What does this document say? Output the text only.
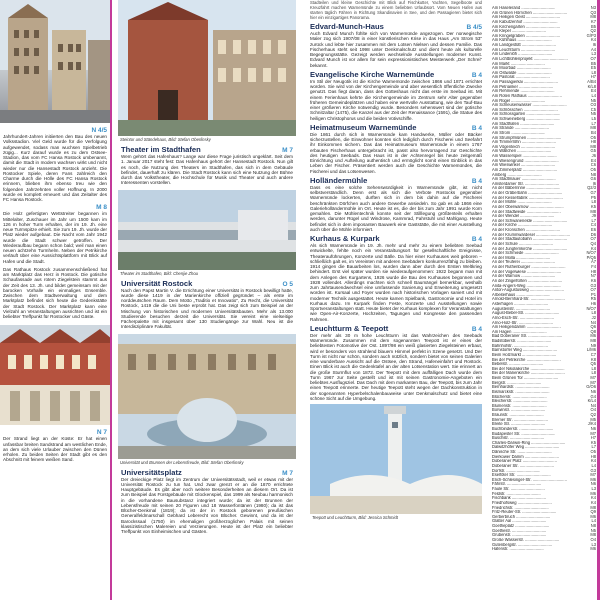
N 4/5

Jahrhundert-Jahren initiierten den Bau des neuen Volksstadion. Viel Geld wurde für die Verfolgung aufgewendet, sodass man wuchsen Spielbetrieb zügig... Kurz darauf wurde es zu dem Ostsee-Stadion, das vom FC Hansa Rostock umbenannt, damit die Stadt in modern wachsen wirkt und nicht wieder nur die Hansestadt Rostock anzieht. Die Rostocker Spiele, deren Fans zahlreich den Charme durch die Hölle des FC Hansa Rostock erinnern, blieben ihm ebenso treu wie den folgenden Jahrzehnten voller Hoffnung. In 2000 wurde es komplett erneuert und das Zeitalter des FC Hansa Rostock.

M 8

Die Holz gefertigten Wettstreiter begannen im Mittelalter, Zuschauer im Jahr um 1500 kam im 126 m hoher Turm erhalten, der im 19. Jh. eine neue Turmspitze erhielt. Sie zum 19. Jh. wurde der Platz wieder aufgebaut. Die Nacht vom Jahr 1942 wurde die Stadt schwer getroffen. Der Wiederaufbau begann schon bald; weil man einen neuen achtzehn Turmhelm. Neben der Petrikirche verläuft über eine Aussichtsplattform mit Blick auf Hafen und die Stadt.

Das Rathaus Rostock zusammenschließend hat am Marktplatz das Herz in Rostock. Die gotische Schaufassade aus rotem Ziegelstein stammt aus der Zeit des 13. Jh. und bildet gemeinsam mit der barocken Vorhalle ein einmaliges Ensemble. Zwischen dem Stadtverwaltung und dem Marktplatz befindet sich heute die Gedenkstätte der Stadt Rostock. Der Marktplatz kann eine Vielzahl an Veranstaltungen ausrichten und ist ein beliebter Treffpunkt für Rostocker und Gäste.

N 7

Der Strand liegt an der Küste: Er hat einen unfassbar breiten Sandstrand am westlichen Ende, an dem sich viele Urlauber zwischen den Dünen erholen. Zu beiden Seiten der Stadt gibt es den Abschnitt mit feinem weißen Sand.

Steintor und Ständehaus, Bild: Stefan Oberlinsky
Theater im Stadthafen	M 7

Wem gehört das Hafenhaus? Lange war diese Frage juristisch ungeklärt. Seit dem 1. Januar 2017 steht fest: Das Hafenhaus gehört der Hansestadt Rostock. Nun gilt es noch, die Nutzung des Theaters im Stadthafen, das sich in dem Gebäude befindet, dauerhaft zu klären. Die Stadt Rostock kann sich eine Nutzung der Bühne durch das Volkstheater, die Hochschule für Musik und Theater und auch andere Interessenten vorstellen.

Theater im Stadthafen, Bild: Chenjie Zhou
Universität Rostock	O 5

Nach den Papst Martin V. die Errichtung einer Universität in Rostock bewilligt hatte, wurde diese 1419 in der Marienkirche offiziell gegründet – als erste im norddeutschen Raum. Dem Motto „Traditio et Innovatio“, Zu Recht, die Universität Rostock, 1419 die die Uni beste erprobt hat. Das zeigt sich zum Beispiel an der Mischung von historischen und modernen Universitätsbauten. Mehr als 13.000 Studierende besuchen derzeit die Universität. Sie vereint eine vielseitige Fächerpalette mit insgesamt über 130 Studiengänge zur Wahl. Neu ist die Interdisziplinäre Fakultät.

Universität und Brunnen der Lebensfreude, Bild: Stefan Oberlinsky
Universitätsplatz	M 7

Der dreieckige Platz liegt im Zentrum der Universitätsstadt, weil er etwas mit der Universität Rostock zu tun hat. Und zwar grenzt er an die 1870 errichtete Hauptgebäude. Es gibt aber noch weitere Besonderheiten an diesem Ort. Da ist zum Beispiel das Fürstgebäude mit Glockenspiel, das 1999 als Neubau harmonisch in die vorhandene Bausubstanz integriert wurde; da ist der Brunnen der Lebensfreude mit seinen 20 Figuren und 18 Wasserfontänen (1980); da ist das Blücher-Denkmal (1819); da ist der in Rostock geborenen preußischen Generalfeldmarschall Gebhard Leberecht von Blücher. Gewinnt, und da ist der Barockssaal (1750) im ehemaligen großherzoglichen Palais mit seinen klassizistischen Malereien und Verzierungen. Heute ist der Platz ein beliebter Treffpunkt von Einheimischen und Gästen.

Stadteilen und kleine Geschichte mit Blick auf Fischkutter, Yachten, Segelboote und Kreuzfahrt machen Warnemünde zu einem beliebten Urlaubsort. Vom Neuen Hafen aus starten täglich Fähren in Richtung Skandinavien in See, und den Passagieren bietet sich hier ein einzigartiges Panorama.
Edvard-Munch-Haus	B 4/5

Auch Edvard Munch fühlte sich von Warnemünde angezogen. Der norwegische Maler zog sich 1907/08 in einer künstlerischen Krise in das Haus „Am Strom 53“ zurück und lebte hier zusammen mit dem Lotsen Nielsen und dessen Familie. Das Fischerhaus steht seit 1998 unter Denkmalschutz und dient heute als kulturelle Begegnungsstätte. Gezeigt werden wechselnde Ausstellungen moderner Kunst. Edvard Munch ist vor allem für sein expressionistisches Meisterwerk „Der Schrei“ bekannt.

Evangelische Kirche Warnemünde	B 4

Im Stil der Neugotik ist die Kirche Warnemünde zwischen 1866 und 1871 errichtet worden. Sie wird von der Kirchengemeinde und aber wesentlich öffentliche Zwecke genutzt. Das fiegt daran, dass des Gotteshaus nicht das erste im Seebad ist. Mit einem Ferienhaus kehrte die Kirchengemeinde im Zentrum sehr Alter gegenüber früheren Gemeindeplätzen und haben eine wertvolle Ausstattung, wie den Tauf-Bau einer größeren Kirche notwendig wurde. Besonders sehenswert sind der gotische Schnitzaltar (1475), die Kanzel aus der Zeit der Renaissance (1591), die Statue des heiligen Christophorus und die beiden Votivschiffe.

Heimatmuseum Warnemünde	B 4

Die 1861 durch sich in Warnemünde kam Handwerke, Müller oder Bäcker sicherzustellen, die Einwohner konnten sich lediglich durch Fischerei und Seefahrt ihr Einkommen sichern. Das das Heimatmuseum Warnemünde in einem 1767 erbauten Fischerhaus untergebracht ist, passt also hervorragend zur Geschichte des heutigen Seebads. Das Haus ist in der Achtenregel bis heute zeitgemäß Einrichtung und Aufteilung authentisch und ermöglicht somit einen Einblick in das Leben der Fischer. Präsentiert werden auch die Geschichte Warnemündes, die Fischerei und das Lotsenwesen.

Holländermühle	B 4

Dass es eine solche Sehenswürdigkeit in Warnemünde gibt, ist nicht selbstverständlich. Denn erst als sich die Verbote Rostocks gegenüber Warnemünde lockerten, durften sich in dem bis dahin auf die Fischerei beschränkten Dörfchen auch andere Gewerbe ansiedeln. So gab es ab 1866 eine Galerieholländermühle im Ort. Heute ist es, die der bis zum Jahr 1991 wurde Korn gemahlen. Die Mühlentechnik konnte seit der Stilllegung größtenteils erhalten werden, darunter Rügel und Windrose, Kammrad, Fahrstuhl und Mahlgang. Heute befindet sich in dem imposanten Bauwerk eine Gaststätte, die mit einer Ausstellung auch über die Mühle informiert.

Kurhaus & Kurpark	B 4

Als sich Warnemünde im 19. Jh. mehr und mehr zu einem beliebten Seebad entwickelte, fehlte noch ein Veranstaltungsort für gesellschaftliche Ereignisse, Theaterauführungen, Konzerte und Bälle. Da hier einer Kurhauses weit geboren – schließlich galt es, im Vereinten mit anderen Seebädern konkurrenzfähig zu bleiben. 1914 gingen die Bauarbeiten los, wurden dann aber durch den Ersten Weltkrieg behindert. Erst viel später wurden sie wiederaufgenommen: 1922 begann man mit dem Anlegen des Kurgartens, 1926 wurde die Bau des Kurhauses begonnen und 1928 vollendet. Allerdings machten sich schnell Baumängel bemerkbar, weshalb zum Jahrtausendwechsel eine umfassende Sanierung und Erweiterung umgesetzt worden ist. Kursaal und Foyer wurden nach historischen Vorlagen saniert und mit moderner Technik ausgestattet. Heute kamen Spielbank, Gastronomie und Hotel im Kurhaus dazu. Im Kurpark finden Feste, Konzerte und Ausstellungen sowie Sportveranstaltungen statt. Heute bietet der Kurhaus komplexen für Veranstaltungen wie Open-Air-Konzerte, Hochzeiten, Tagungen und Kongresse den passenden Rahmen.

Leuchtturm & Teepott	B 4

Der mehr als 30 m hohe Leuchtturm ist das Wahrzeichen des Seebads Warnemünde. Zusammen mit dem sogenannten Teepott ist er eines der beliebtesten Fotomotive der Ost. 1897/98 ein weiß glasierten Ziegelsteinen erbaut, wird er besonders von strahlend blauem Himmel perfekt in Szene gesetzt. Und Der Turm ist nicht nur schön, sondern auch nützlich, sondern bietet von seinen Galerien eine wunderbare Aussicht auf die Ostsee, den Strand, Hafeneinfahrt und Rostock. Einen Blick ist auch die Gedenktafel an der alten Lotsenstation wert. Sie erinnert an die große Sturmflut von 1872. Der Teepott mit dem auffälligen Dach wurde dem Turm 1967 zur Seite gestellt und ist mit seinen Gastronomie-Angeboten ein beliebtes Ausflugsziel. Das Dach mit dem markanten Bau, der Teepott, bis zum Jahr einen Teepott erinnerte. Der heutige Teepott steht wegen der Dachkonstruktion in der sogenannten Hyperbelschalenbauweise unter Denkmalschutz und bietet eine schöne Sicht auf die Umgebung.

Teepott und Leuchtturm, Bild: Jessica Schmidt
Am Haselerand ..............................	N3
Am Grünen Hörnchen ..............................	Q3
Am Heiligen Geist ..............................	M8
Am Kabutzenhof ..............................	K7
Am Kirchengarten ..............................	B5
Am Klepel ..............................	Q2
Am Kringelgraben ..............................	G/P3
Am Kühlhaus ..............................	K4
Am Landgestütt ..............................	I6
Am Leuchtturm ..............................	A4
Am Lindenlöh ..............................	L3
Am Lichtbühlenprojekt ..............................	O7
Am Markt ..............................	B5
Am Moorbad ..............................	E5
Am Ostwalde ..............................	L8
Am Pastorat ..............................	H7
Am Passagierkai ..............................	A/B4
Am Petrianker ..............................	K/L8
Am Rehmende ..............................	E4
Am Roten Rathaus ..............................	L4
Am Rügel ..............................	N5
Am Schleusenwasser ..............................	O3
Am Schlösschen ..............................	C5
Am Schlossgarten ..............................	N5
Am Schweineberg ..............................	L5
Am Stadthafen ..............................	L7
Am Strande ..............................	M8
Am Strom ..............................	B4
Am Strumpfmünen ..............................	O5
Am Timmerlöhn ..............................	H8
Am Vögenteich ..............................	M8
Am Wällchen ..............................	G5
Am Wasserspiel ..............................	J6
Am Wiesengrund ..............................	E4
Am Wieswinkel ..............................	C6
Am Zimmerplatz ..............................	O5
Amberg ..............................	N8
Am Stadtmauer ..............................	G6
Amsterdamer Str. ..............................	I6
An der Bäberrinne ..............................	Q2/3
An der Gräberbahn ..............................	G7
An der Kesselfabrik ..............................	P5
An der Mühle ..............................	L8
An der Oberwarnow ..............................	K5
An der Stadtweide ..............................	M8
An der Wendel ..............................	J9
An der Schwanenelde ..............................	L7
An der Kirche ..............................	C4
An der Kronschen ..............................	E6
An der Krummwardesel ..............................	D6
An der Stadtautobahn ..............................	O7
An der Schule ..............................	Q4
An der Jungfernkirche ..............................	K4
An der Schmiede ..............................	N/O7
An der Molla ..............................	P/Q5
An der Teuferei ..............................	A7
An der Ruthenburger ..............................	F4
An der Vogelwiese ..............................	H8
An der Warnow ..............................	N7
An der Zingelfürten ..............................	K6
Anita-Angers-Weg ..............................	G3
Anton-Augustusweg ..............................	O7
Arbeiterhaus ..............................	P1
Arnold-Bernhard-Str. ..............................	R5
Asterhagen ..............................	H6
Augustenstr. ..............................	N/O7
August-Bebel-Str. ..............................	L8
Arno-Esch-Str. ..............................	J2
Arno-Holz-Str. ..............................	N4
Am Heiligendamm ..............................	Q6
Am Hagen ..............................	Q8
Bad Doberaner Str. ..............................	M6
Badstüberstr. ..............................	M8
Bahnhofstr. ..............................	N9
Barnstorfer Weg ..............................	L/M6
Beim Holzmarkt ..............................	C7
Bei der Petrikirche ..............................	K8
Bebelstr. ..............................	Q5
Bei der Nikolaikirche ..............................	L8
Bei der Marienkirche ..............................	L8
Beim Grünen Tor ..............................	M7
Bergstr. ..............................	M7
Bernhardstr. ..............................	G/O6
Bismarckstr. ..............................	N6
Blücherstr. ..............................	G4
Bleicherstr. ..............................	K/L4
Blumenstr. ..............................	N4
Borwinstr. ..............................	O4
Braunstr. ..............................	Q2
Bremer Str. ..............................	M5
Breite Str. ..............................	J/K4
Buchbinderstr. ..............................	N6
Budapester Str. ..............................	M7
Buschstr. ..............................	H7
Charles-Darwin-Ring ..............................	K5
Dalwitzhöfer Weg ..............................	L7
Dänische Str. ..............................	O5
Dierkower Damm ..............................	H8
Doberaner Platz ..............................	K4
Doberaner Str. ..............................	L4
Dorfstr. ..............................	G3
Eselföter Str. ..............................	M7
Erich-Schlesinger-Str. ..............................	M6
Fährstr. ..............................	N6
Faule Str. ..............................	L3
Feldstr. ..............................	M6
Fischbank ..............................	K4
Friedhofsweg ..............................	K4
Friedrichstr. ..............................	M8
Fritz-Reuter-Str. ..............................	Q9
Gerberbruch ..............................	M6
Glatter Aal ..............................	L4
Goetheplatz ..............................	N8
Goethestr. ..............................	N5
Grubenstr. ..............................	M8
Große Wasserstr. ..............................	O4
Gutenbergstr. ..............................	L3
Hafenstr. ..............................	M6
